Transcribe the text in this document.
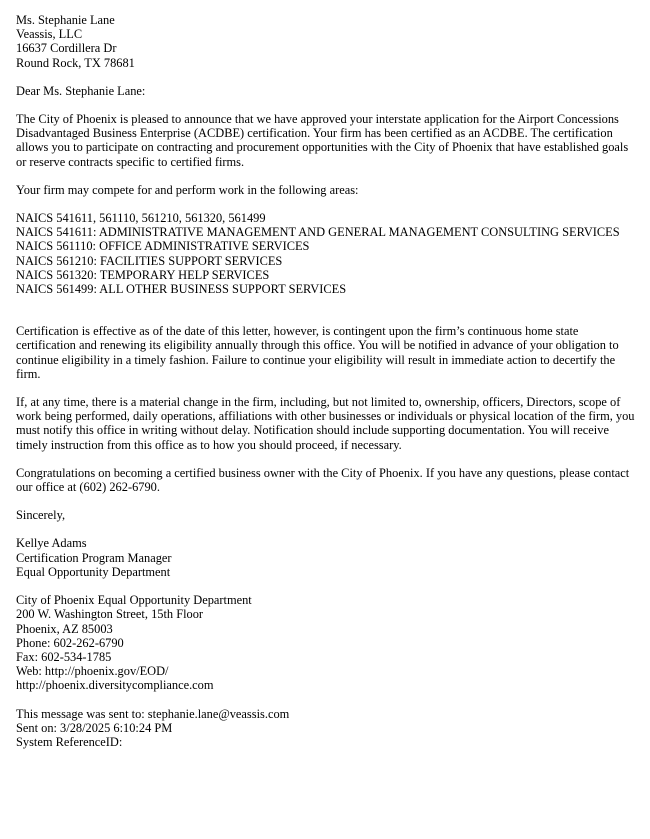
Ms. Stephanie Lane
Veassis, LLC
16637 Cordillera Dr
Round Rock, TX 78681

Dear Ms. Stephanie Lane:

The City of Phoenix is pleased to announce that we have approved your interstate application for the Airport Concessions Disadvantaged Business Enterprise (ACDBE) certification. Your firm has been certified as an ACDBE. The certification allows you to participate on contracting and procurement opportunities with the City of Phoenix that have established goals or reserve contracts specific to certified firms.

Your firm may compete for and perform work in the following areas:

NAICS 541611, 561110, 561210, 561320, 561499
NAICS 541611: ADMINISTRATIVE MANAGEMENT AND GENERAL MANAGEMENT CONSULTING SERVICES
NAICS 561110: OFFICE ADMINISTRATIVE SERVICES
NAICS 561210: FACILITIES SUPPORT SERVICES
NAICS 561320: TEMPORARY HELP SERVICES
NAICS 561499: ALL OTHER BUSINESS SUPPORT SERVICES

Certification is effective as of the date of this letter, however, is contingent upon the firm’s continuous home state certification and renewing its eligibility annually through this office. You will be notified in advance of your obligation to continue eligibility in a timely fashion. Failure to continue your eligibility will result in immediate action to decertify the firm.

If, at any time, there is a material change in the firm, including, but not limited to, ownership, officers, Directors, scope of work being performed, daily operations, affiliations with other businesses or individuals or physical location of the firm, you must notify this office in writing without delay. Notification should include supporting documentation. You will receive timely instruction from this office as to how you should proceed, if necessary.

Congratulations on becoming a certified business owner with the City of Phoenix. If you have any questions, please contact our office at (602) 262-6790.

Sincerely,

Kellye Adams
Certification Program Manager
Equal Opportunity Department
City of Phoenix Equal Opportunity Department
200 W. Washington Street, 15th Floor
Phoenix, AZ 85003
Phone: 602-262-6790
Fax: 602-534-1785
Web: http://phoenix.gov/EOD/
http://phoenix.diversitycompliance.com
This message was sent to: stephanie.lane@veassis.com
Sent on: 3/28/2025 6:10:24 PM
System ReferenceID:
